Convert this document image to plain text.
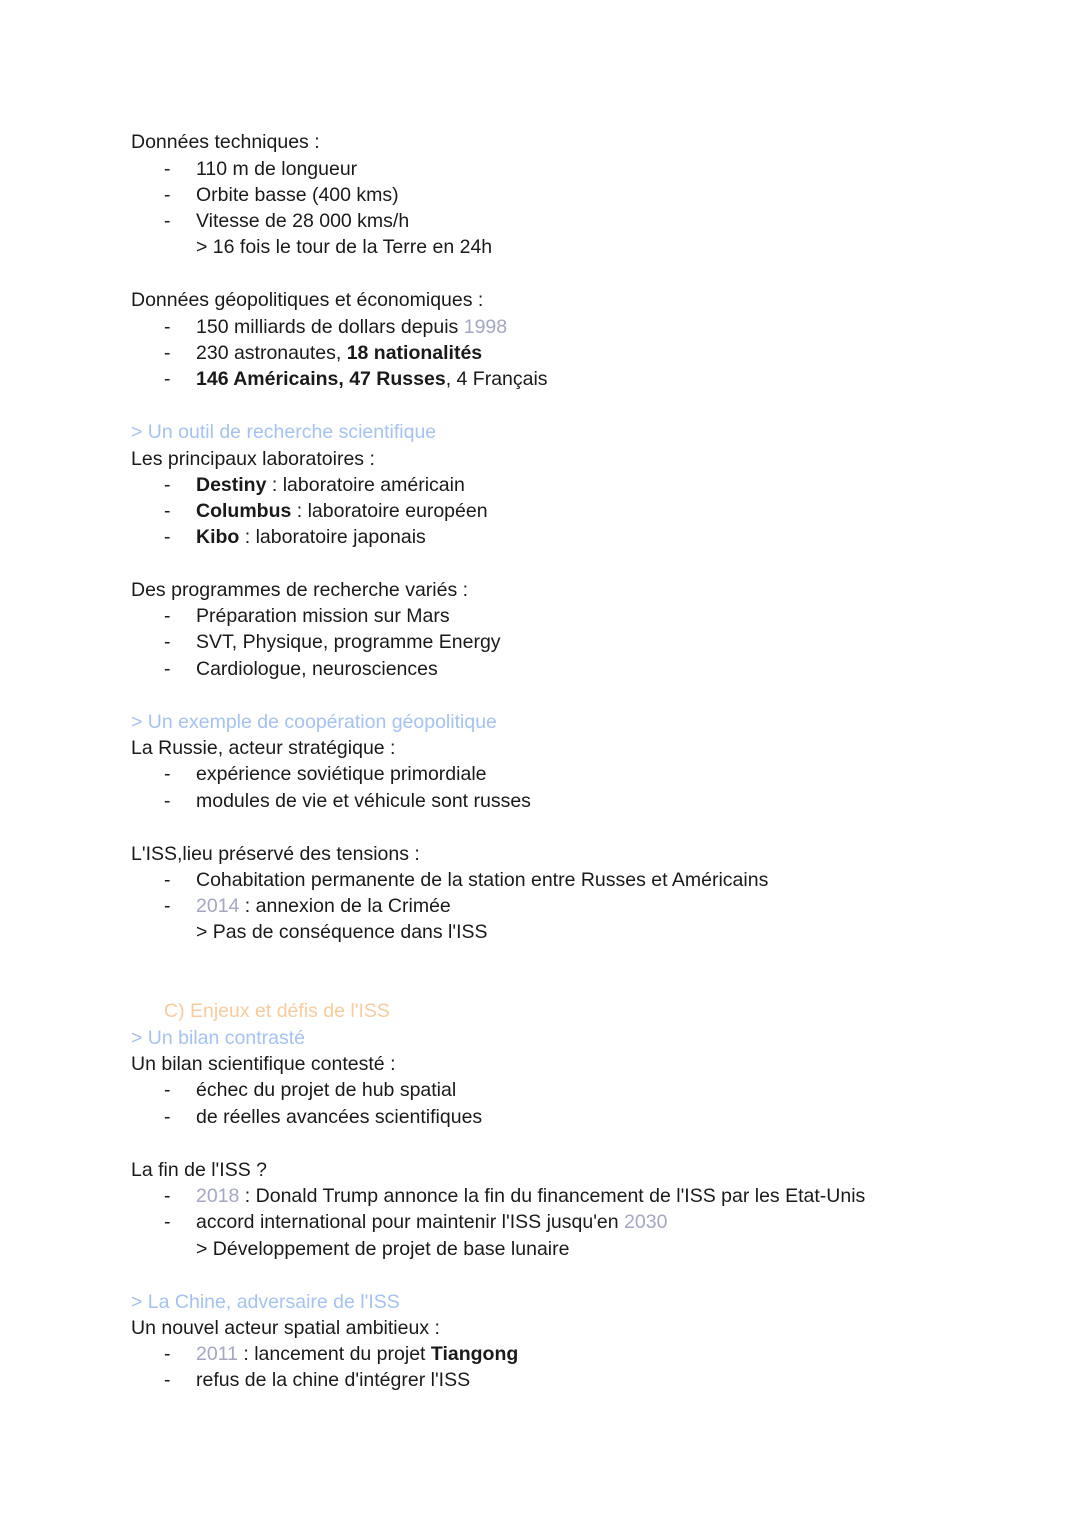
Données techniques :
- 110 m de longueur
- Orbite basse (400 kms)
- Vitesse de 28 000 kms/h
> 16 fois le tour de la Terre en 24h
Données géopolitiques et économiques :
- 150 milliards de dollars depuis 1998
- 230 astronautes, 18 nationalités
- 146 Américains, 47 Russes, 4 Français
> Un outil de recherche scientifique
Les principaux laboratoires :
- Destiny : laboratoire américain
- Columbus : laboratoire européen
- Kibo : laboratoire japonais
Des programmes de recherche variés :
- Préparation mission sur Mars
- SVT, Physique, programme Energy
- Cardiologue, neurosciences
> Un exemple de coopération géopolitique
La Russie, acteur stratégique :
- expérience soviétique primordiale
- modules de vie et véhicule sont russes
L'ISS,lieu préservé des tensions :
- Cohabitation permanente de la station entre Russes et Américains
- 2014 : annexion de la Crimée
> Pas de conséquence dans l'ISS
C) Enjeux et défis de l'ISS
> Un bilan contrasté
Un bilan scientifique contesté :
- échec du projet de hub spatial
- de réelles avancées scientifiques
La fin de l'ISS ?
- 2018 : Donald Trump annonce la fin du financement de l'ISS par les Etat-Unis
- accord international pour maintenir l'ISS jusqu'en 2030
> Développement de projet de base lunaire
> La Chine, adversaire de l'ISS
Un nouvel acteur spatial ambitieux :
- 2011 : lancement du projet Tiangong
- refus de la chine d'intégrer l'ISS
